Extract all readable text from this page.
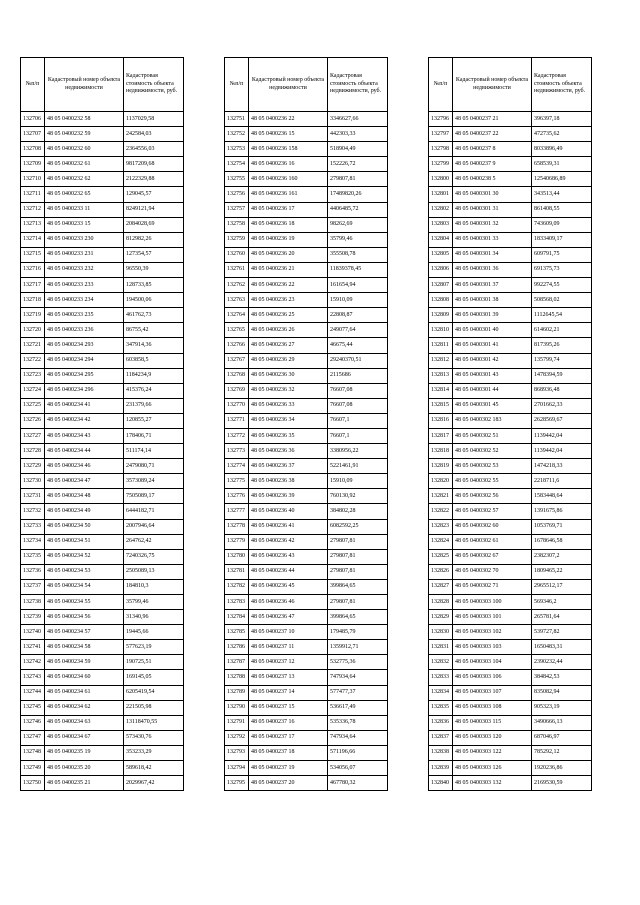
№п/п	Кадастровый номер объекта недвижимости	Кадастровая стоимость объекта недвижимости, руб.
132706	48 05 0400232 58	1137029,58
132707	48 05 0400232 59	242584,03
132708	48 05 0400232 60	2364556,03
132709	48 05 0400232 61	9817209,68
132710	48 05 0400232 62	2122329,88
132711	48 05 0400232 65	129045,57
132712	48 05 0400233 11	8249121,94
132713	48 05 0400233 15	2084028,69
132714	48 05 0400233 230	812982,26
132715	48 05 0400233 231	127354,57
132716	48 05 0400233 232	96550,39
132717	48 05 0400233 233	128733,85
132718	48 05 0400233 234	194500,06
132719	48 05 0400233 235	461762,73
132720	48 05 0400233 236	86755,42
132721	48 05 0400234 293	347914,36
132722	48 05 0400234 294	603858,5
132723	48 05 0400234 295	1184234,9
132724	48 05 0400234 296	415376,24
132725	48 05 0400234 41	231379,66
132726	48 05 0400234 42	120855,27
132727	48 05 0400234 43	178406,71
132728	48 05 0400234 44	511174,14
132729	48 05 0400234 46	2479080,71
132730	48 05 0400234 47	3573089,24
132731	48 05 0400234 48	7505089,17
132732	48 05 0400234 49	6444182,71
132733	48 05 0400234 50	2007946,64
132734	48 05 0400234 51	264762,42
132735	48 05 0400234 52	7240326,75
132736	48 05 0400234 53	2505089,13
132737	48 05 0400234 54	184810,3
132738	48 05 0400234 55	35799,46
132739	48 05 0400234 56	31340,96
132740	48 05 0400234 57	19445,66
132741	48 05 0400234 58	577623,19
132742	48 05 0400234 59	190725,51
132743	48 05 0400234 60	169145,05
132744	48 05 0400234 61	6205419,54
132745	48 05 0400234 62	221505,98
132746	48 05 0400234 63	13118470,55
132747	48 05 0400234 67	573430,76
132748	48 05 0400235 19	353233,29
132749	48 05 0400235 20	589618,42
132750	48 05 0400235 21	2029967,42
№п/п	Кадастровый номер объекта недвижимости	Кадастровая стоимость объекта недвижимости, руб.
132751	48 05 0400236 22	3346627,66
132752	48 05 0400236 15	442303,33
132753	48 05 0400236 158	518904,49
132754	48 05 0400236 16	152226,72
132755	48 05 0400236 160	279807,81
132756	48 05 0400236 161	17489820,26
132757	48 05 0400236 17	4406485,72
132758	48 05 0400236 18	98262,69
132759	48 05 0400236 19	35799,46
132760	48 05 0400236 20	355508,78
132761	48 05 0400236 21	11839378,45
132762	48 05 0400236 22	161654,94
132763	48 05 0400236 23	15910,09
132764	48 05 0400236 25	22808,87
132765	48 05 0400236 26	249077,64
132766	48 05 0400236 27	46675,44
132767	48 05 0400236 29	29240370,51
132768	48 05 0400236 30	2115686
132769	48 05 0400236 32	76607,08
132770	48 05 0400236 33	76607,08
132771	48 05 0400236 34	76607,1
132772	48 05 0400236 35	76607,1
132773	48 05 0400236 36	3380956,22
132774	48 05 0400236 37	5221461,91
132775	48 05 0400236 38	15910,09
132776	48 05 0400236 39	760130,92
132777	48 05 0400236 40	384802,28
132778	48 05 0400236 41	6082592,25
132779	48 05 0400236 42	279807,81
132780	48 05 0400236 43	279807,81
132781	48 05 0400236 44	279807,81
132782	48 05 0400236 45	399864,65
132783	48 05 0400236 46	279807,81
132784	48 05 0400236 47	399864,65
132785	48 05 0400237 10	179485,79
132786	48 05 0400237 11	1359912,71
132787	48 05 0400237 12	532775,36
132788	48 05 0400237 13	747934,64
132789	48 05 0400237 14	577477,37
132790	48 05 0400237 15	536617,49
132791	48 05 0400237 16	535336,78
132792	48 05 0400237 17	747934,64
132793	48 05 0400237 18	571196,66
132794	48 05 0400237 19	534056,07
132795	48 05 0400237 20	467780,32
№п/п	Кадастровый номер объекта недвижимости	Кадастровая стоимость объекта недвижимости, руб.
132796	48 05 0400237 21	396397,18
132797	48 05 0400237 22	472735,62
132798	48 05 0400237 8	8033896,49
132799	48 05 0400237 9	658539,31
132800	48 05 0400238 5	12540686,89
132801	48 05 0400301 30	343513,44
132802	48 05 0400301 31	861408,55
132803	48 05 0400301 32	743609,09
132804	48 05 0400301 33	1833409,17
132805	48 05 0400301 34	609791,75
132806	48 05 0400301 36	691375,73
132807	48 05 0400301 37	992274,55
132808	48 05 0400301 38	508568,02
132809	48 05 0400301 39	1112645,54
132810	48 05 0400301 40	614602,21
132811	48 05 0400301 41	817395,26
132812	48 05 0400301 42	135799,74
132813	48 05 0400301 43	1478394,59
132814	48 05 0400301 44	868936,48
132815	48 05 0400301 45	2701662,33
132816	48 05 0400302 183	2628569,67
132817	48 05 0400302 51	1139442,04
132818	48 05 0400302 52	1139442,04
132819	48 05 0400302 53	1474218,33
132820	48 05 0400302 55	2218711,6
132821	48 05 0400302 56	1583448,64
132822	48 05 0400302 57	1391675,86
132823	48 05 0400302 60	1053769,71
132824	48 05 0400302 61	1678646,58
132825	48 05 0400302 67	2382307,2
132826	48 05 0400302 70	1809465,22
132827	48 05 0400302 71	2965512,17
132828	48 05 0400303 100	569346,2
132829	48 05 0400303 101	265781,64
132830	48 05 0400303 102	539727,82
132831	48 05 0400303 103	1650483,31
132832	48 05 0400303 104	2390232,44
132833	48 05 0400303 106	384842,53
132834	48 05 0400303 107	835082,94
132835	48 05 0400303 108	905323,19
132836	48 05 0400303 115	3490666,13
132837	48 05 0400303 120	687046,97
132838	48 05 0400303 122	785292,12
132839	48 05 0400303 126	1920236,86
132840	48 05 0400303 132	2169530,59
